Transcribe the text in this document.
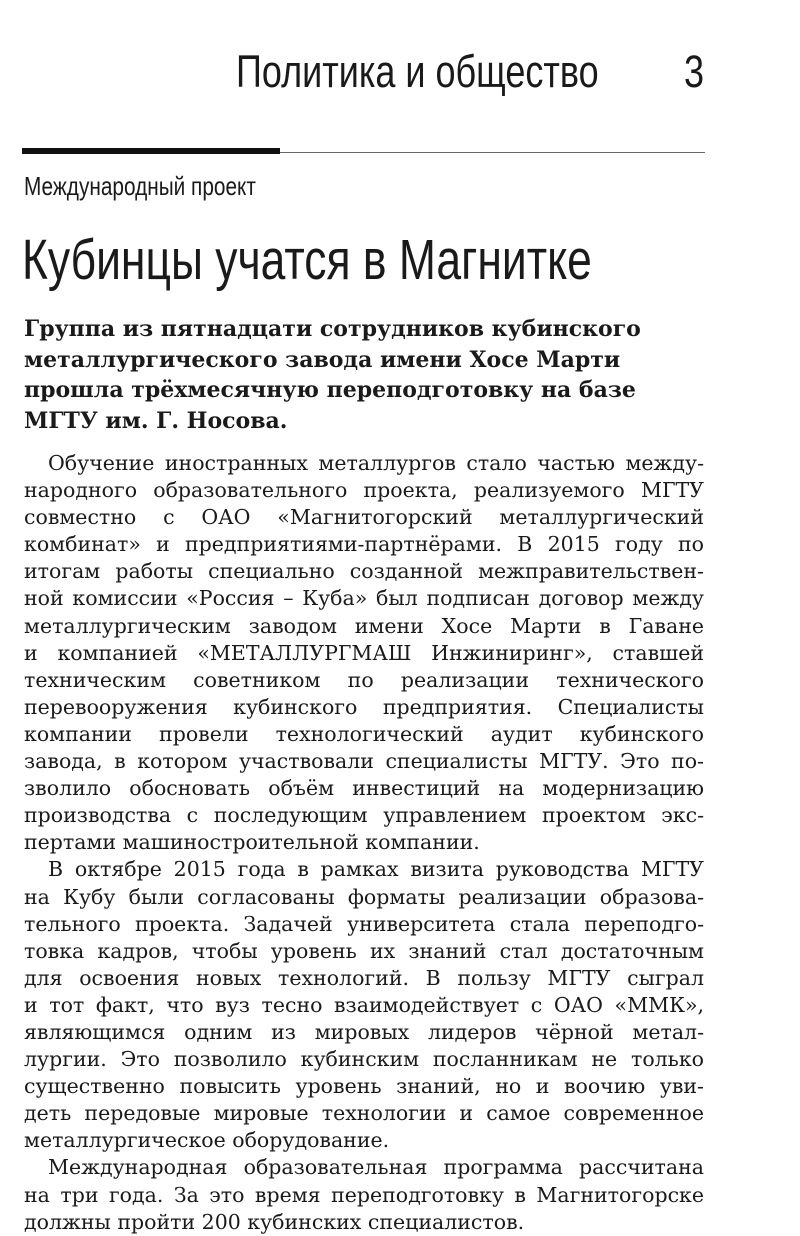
Политика и общество 3
Международный проект
Кубинцы учатся в Магнитке
Группа из пятнадцати сотрудников кубинского
металлургического завода имени Хосе Марти
прошла трёхмесячную переподготовку на базе
МГТУ им. Г. Носова.
Обучение иностранных металлургов стало частью между-
народного образовательного проекта, реализуемого МГТУ
совместно с ОАО «Магнитогорский металлургический
комбинат» и предприятиями-партнёрами. В 2015 году по
итогам работы специально созданной межправительствен-
ной комиссии «Россия – Куба» был подписан договор между
металлургическим заводом имени Хосе Марти в Гаване
и компанией «МЕТАЛЛУРГМАШ Инжиниринг», ставшей
техническим советником по реализации технического
перевооружения кубинского предприятия. Специалисты
компании провели технологический аудит кубинского
завода, в котором участвовали специалисты МГТУ. Это по-
зволило обосновать объём инвестиций на модернизацию
производства с последующим управлением проектом экс-
пертами машиностроительной компании.
В октябре 2015 года в рамках визита руководства МГТУ
на Кубу были согласованы форматы реализации образова-
тельного проекта. Задачей университета стала переподго-
товка кадров, чтобы уровень их знаний стал достаточным
для освоения новых технологий. В пользу МГТУ сыграл
и тот факт, что вуз тесно взаимодействует с ОАО «ММК»,
являющимся одним из мировых лидеров чёрной метал-
лургии. Это позволило кубинским посланникам не только
существенно повысить уровень знаний, но и воочию уви-
деть передовые мировые технологии и самое современное
металлургическое оборудование.
Международная образовательная программа рассчитана
на три года. За это время переподготовку в Магнитогорске
должны пройти 200 кубинских специалистов.
